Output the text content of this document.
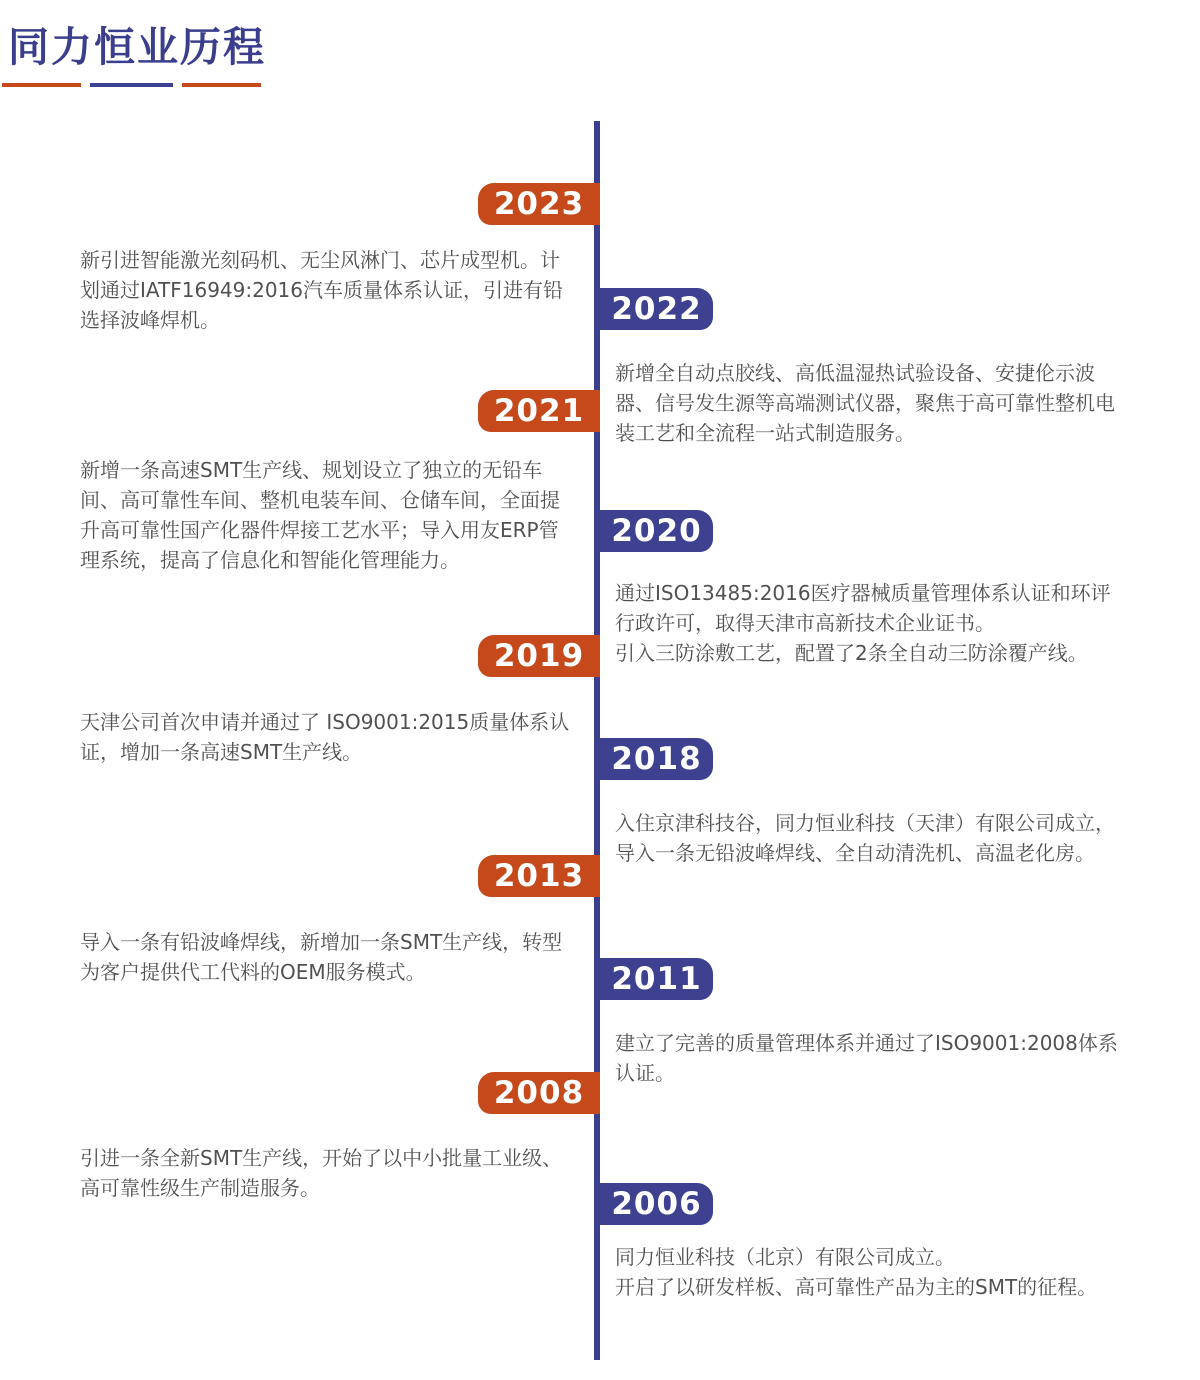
同力恒业历程
2023

新引进智能激光刻码机、无尘风淋门、芯片成型机。计划通过IATF16949:2016汽车质量体系认证，引进有铅选择波峰焊机。	2022

新增全自动点胶线、高低温湿热试验设备、安捷伦示波器、信号发生源等高端测试仪器，聚焦于高可靠性整机电装工艺和全流程一站式制造服务。

2021

新增一条高速SMT生产线、规划设立了独立的无铅车间、高可靠性车间、整机电装车间、仓储车间，全面提升高可靠性国产化器件焊接工艺水平；导入用友ERP管理系统，提高了信息化和智能化管理能力。

2020

通过ISO13485:2016医疗器械质量管理体系认证和环评行政许可，取得天津市高新技术企业证书。

引入三防涂敷工艺，配置了2条全自动三防涂覆产线。

2019

天津公司首次申请并通过了 ISO9001:2015质量体系认证，增加一条高速SMT生产线。	2018

入住京津科技谷，同力恒业科技（天津）有限公司成立，导入一条无铅波峰焊线、全自动清洗机、高温老化房。

2013

导入一条有铅波峰焊线，新增加一条SMT生产线，转型为客户提供代工代料的OEM服务模式。	2011

建立了完善的质量管理体系并通过了ISO9001:2008体系认证。

2008

引进一条全新SMT生产线，开始了以中小批量工业级、高可靠性级生产制造服务。	2006

同力恒业科技（北京）有限公司成立。

开启了以研发样板、高可靠性产品为主的SMT的征程。
